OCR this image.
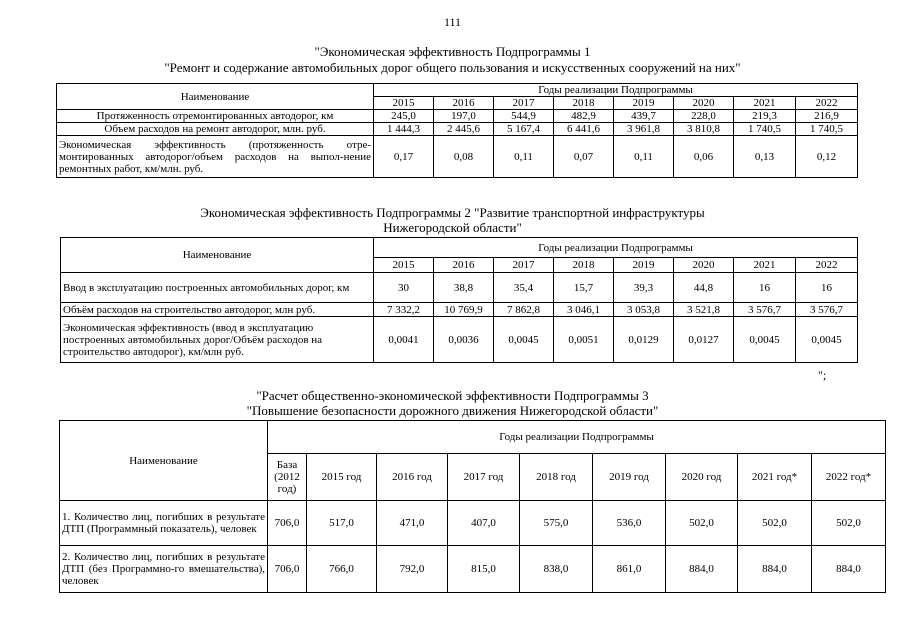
111
"Экономическая эффективность Подпрограммы 1
"Ремонт и содержание автомобильных дорог общего пользования и искусственных сооружений на них"
Наименование	Годы реализации Подпрограммы							
	2015	2016	2017	2018	2019	2020	2021	2022
Протяженность отремонтированных автодорог, км	245,0	197,0	544,9	482,9	439,7	228,0	219,3	216,9
Объем расходов на ремонт автодорог, млн. руб.	1 444,3	2 445,6	5 167,4	6 441,6	3 961,8	3 810,8	1 740,5	1 740,5
Экономическая эффективность (протяженность отре-монтированных автодорог/объем расходов на выпол-нение ремонтных работ, км/млн. руб.	0,17	0,08	0,11	0,07	0,11	0,06	0,13	0,12
Экономическая эффективность Подпрограммы 2 "Развитие транспортной инфраструктуры
Нижегородской области"
Наименование	Годы реализации Подпрограммы							
	2015	2016	2017	2018	2019	2020	2021	2022
Ввод в эксплуатацию построенных автомобильных дорог, км	30	38,8	35,4	15,7	39,3	44,8	16	16
Объём расходов на строительство автодорог, млн руб.	7 332,2	10 769,9	7 862,8	3 046,1	3 053,8	3 521,8	3 576,7	3 576,7
Экономическая эффективность (ввод в эксплуатацию построенных автомобильных дорог/Объём расходов на строительство автодорог), км/млн руб.	0,0041	0,0036	0,0045	0,0051	0,0129	0,0127	0,0045	0,0045
";
"Расчет общественно-экономической эффективности Подпрограммы 3
"Повышение безопасности дорожного движения Нижегородской области"
Наименование	Годы реализации Подпрограммы								
	База (2012 год)	2015 год	2016 год	2017 год	2018 год	2019 год	2020 год	2021 год*	2022 год*
1. Количество лиц, погибших в результате ДТП (Программный показатель), человек	706,0	517,0	471,0	407,0	575,0	536,0	502,0	502,0	502,0
2. Количество лиц, погибших в результате ДТП (без Программно-го вмешательства), человек	706,0	766,0	792,0	815,0	838,0	861,0	884,0	884,0	884,0
